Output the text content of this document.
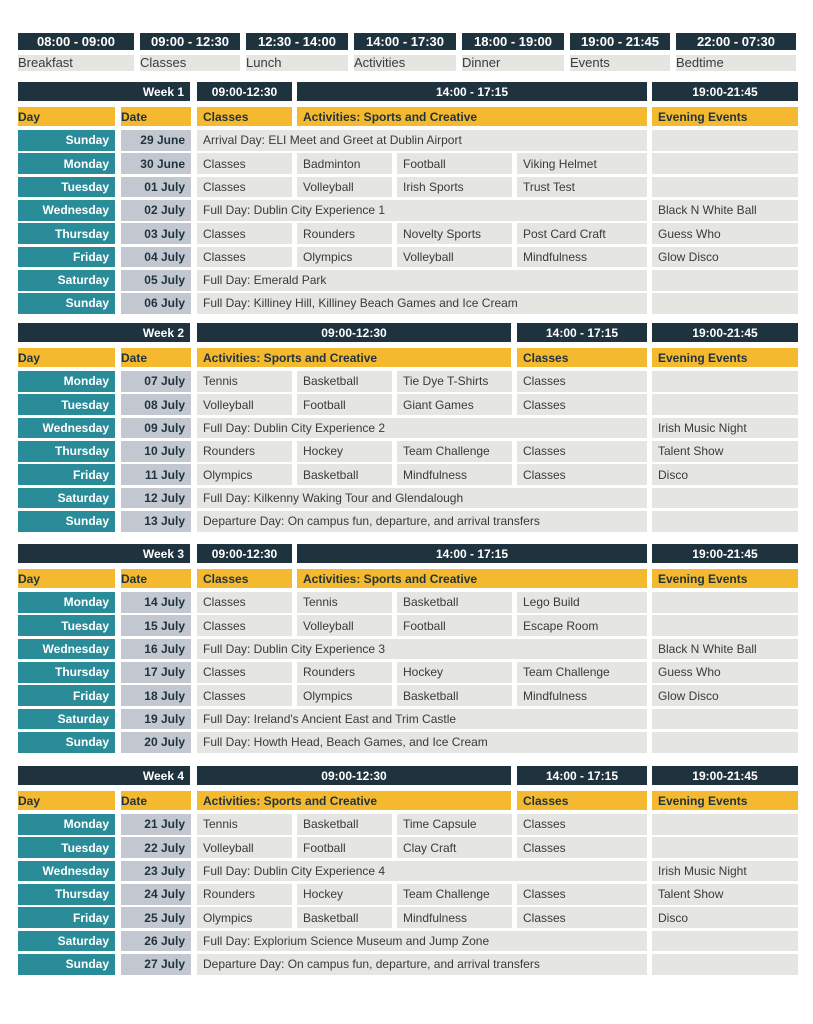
08:00 - 09:00
Breakfast
09:00 - 12:30
Classes
12:30 - 14:00
Lunch
14:00 - 17:30
Activities
18:00 - 19:00
Dinner
19:00 - 21:45
Events
22:00 - 07:30
Bedtime
Week 1	09:00-12:30	14:00 - 17:15	19:00-21:45
Day	Date	Classes	Activities: Sports and Creative	Evening Events
Sunday	29 June	Arrival Day: ELI Meet and Greet at Dublin Airport
Monday	30 June	Classes	Badminton	Football	Viking Helmet
Tuesday	01 July	Classes	Volleyball	Irish Sports	Trust Test
Wednesday	02 July	Full Day: Dublin City Experience 1	Black N White Ball
Thursday	03 July	Classes	Rounders	Novelty Sports	Post Card Craft	Guess Who
Friday	04 July	Classes	Olympics	Volleyball	Mindfulness	Glow Disco
Saturday	05 July	Full Day: Emerald Park
Sunday	06 July	Full Day: Killiney Hill, Killiney Beach Games and Ice Cream
Week 2	09:00-12:30	14:00 - 17:15	19:00-21:45
Day	Date	Activities: Sports and Creative	Classes	Evening Events
Monday	07 July	Tennis	Basketball	Tie Dye T-Shirts	Classes
Tuesday	08 July	Volleyball	Football	Giant Games	Classes
Wednesday	09 July	Full Day: Dublin City Experience 2	Irish Music Night
Thursday	10 July	Rounders	Hockey	Team Challenge	Classes	Talent Show
Friday	11 July	Olympics	Basketball	Mindfulness	Classes	Disco
Saturday	12 July	Full Day: Kilkenny Waking Tour and Glendalough
Sunday	13 July	Departure Day: On campus fun, departure, and arrival transfers
Week 3	09:00-12:30	14:00 - 17:15	19:00-21:45
Day	Date	Classes	Activities: Sports and Creative	Evening Events
Monday	14 July	Classes	Tennis	Basketball	Lego Build
Tuesday	15 July	Classes	Volleyball	Football	Escape Room
Wednesday	16 July	Full Day: Dublin City Experience 3	Black N White Ball
Thursday	17 July	Classes	Rounders	Hockey	Team Challenge	Guess Who
Friday	18 July	Classes	Olympics	Basketball	Mindfulness	Glow Disco
Saturday	19 July	Full Day: Ireland's Ancient East and Trim Castle
Sunday	20 July	Full Day: Howth Head, Beach Games, and Ice Cream
Week 4	09:00-12:30	14:00 - 17:15	19:00-21:45
Day	Date	Activities: Sports and Creative	Classes	Evening Events
Monday	21 July	Tennis	Basketball	Time Capsule	Classes
Tuesday	22 July	Volleyball	Football	Clay Craft	Classes
Wednesday	23 July	Full Day: Dublin City Experience 4	Irish Music Night
Thursday	24 July	Rounders	Hockey	Team Challenge	Classes	Talent Show
Friday	25 July	Olympics	Basketball	Mindfulness	Classes	Disco
Saturday	26 July	Full Day: Explorium Science Museum and Jump Zone
Sunday	27 July	Departure Day: On campus fun, departure, and arrival transfers
